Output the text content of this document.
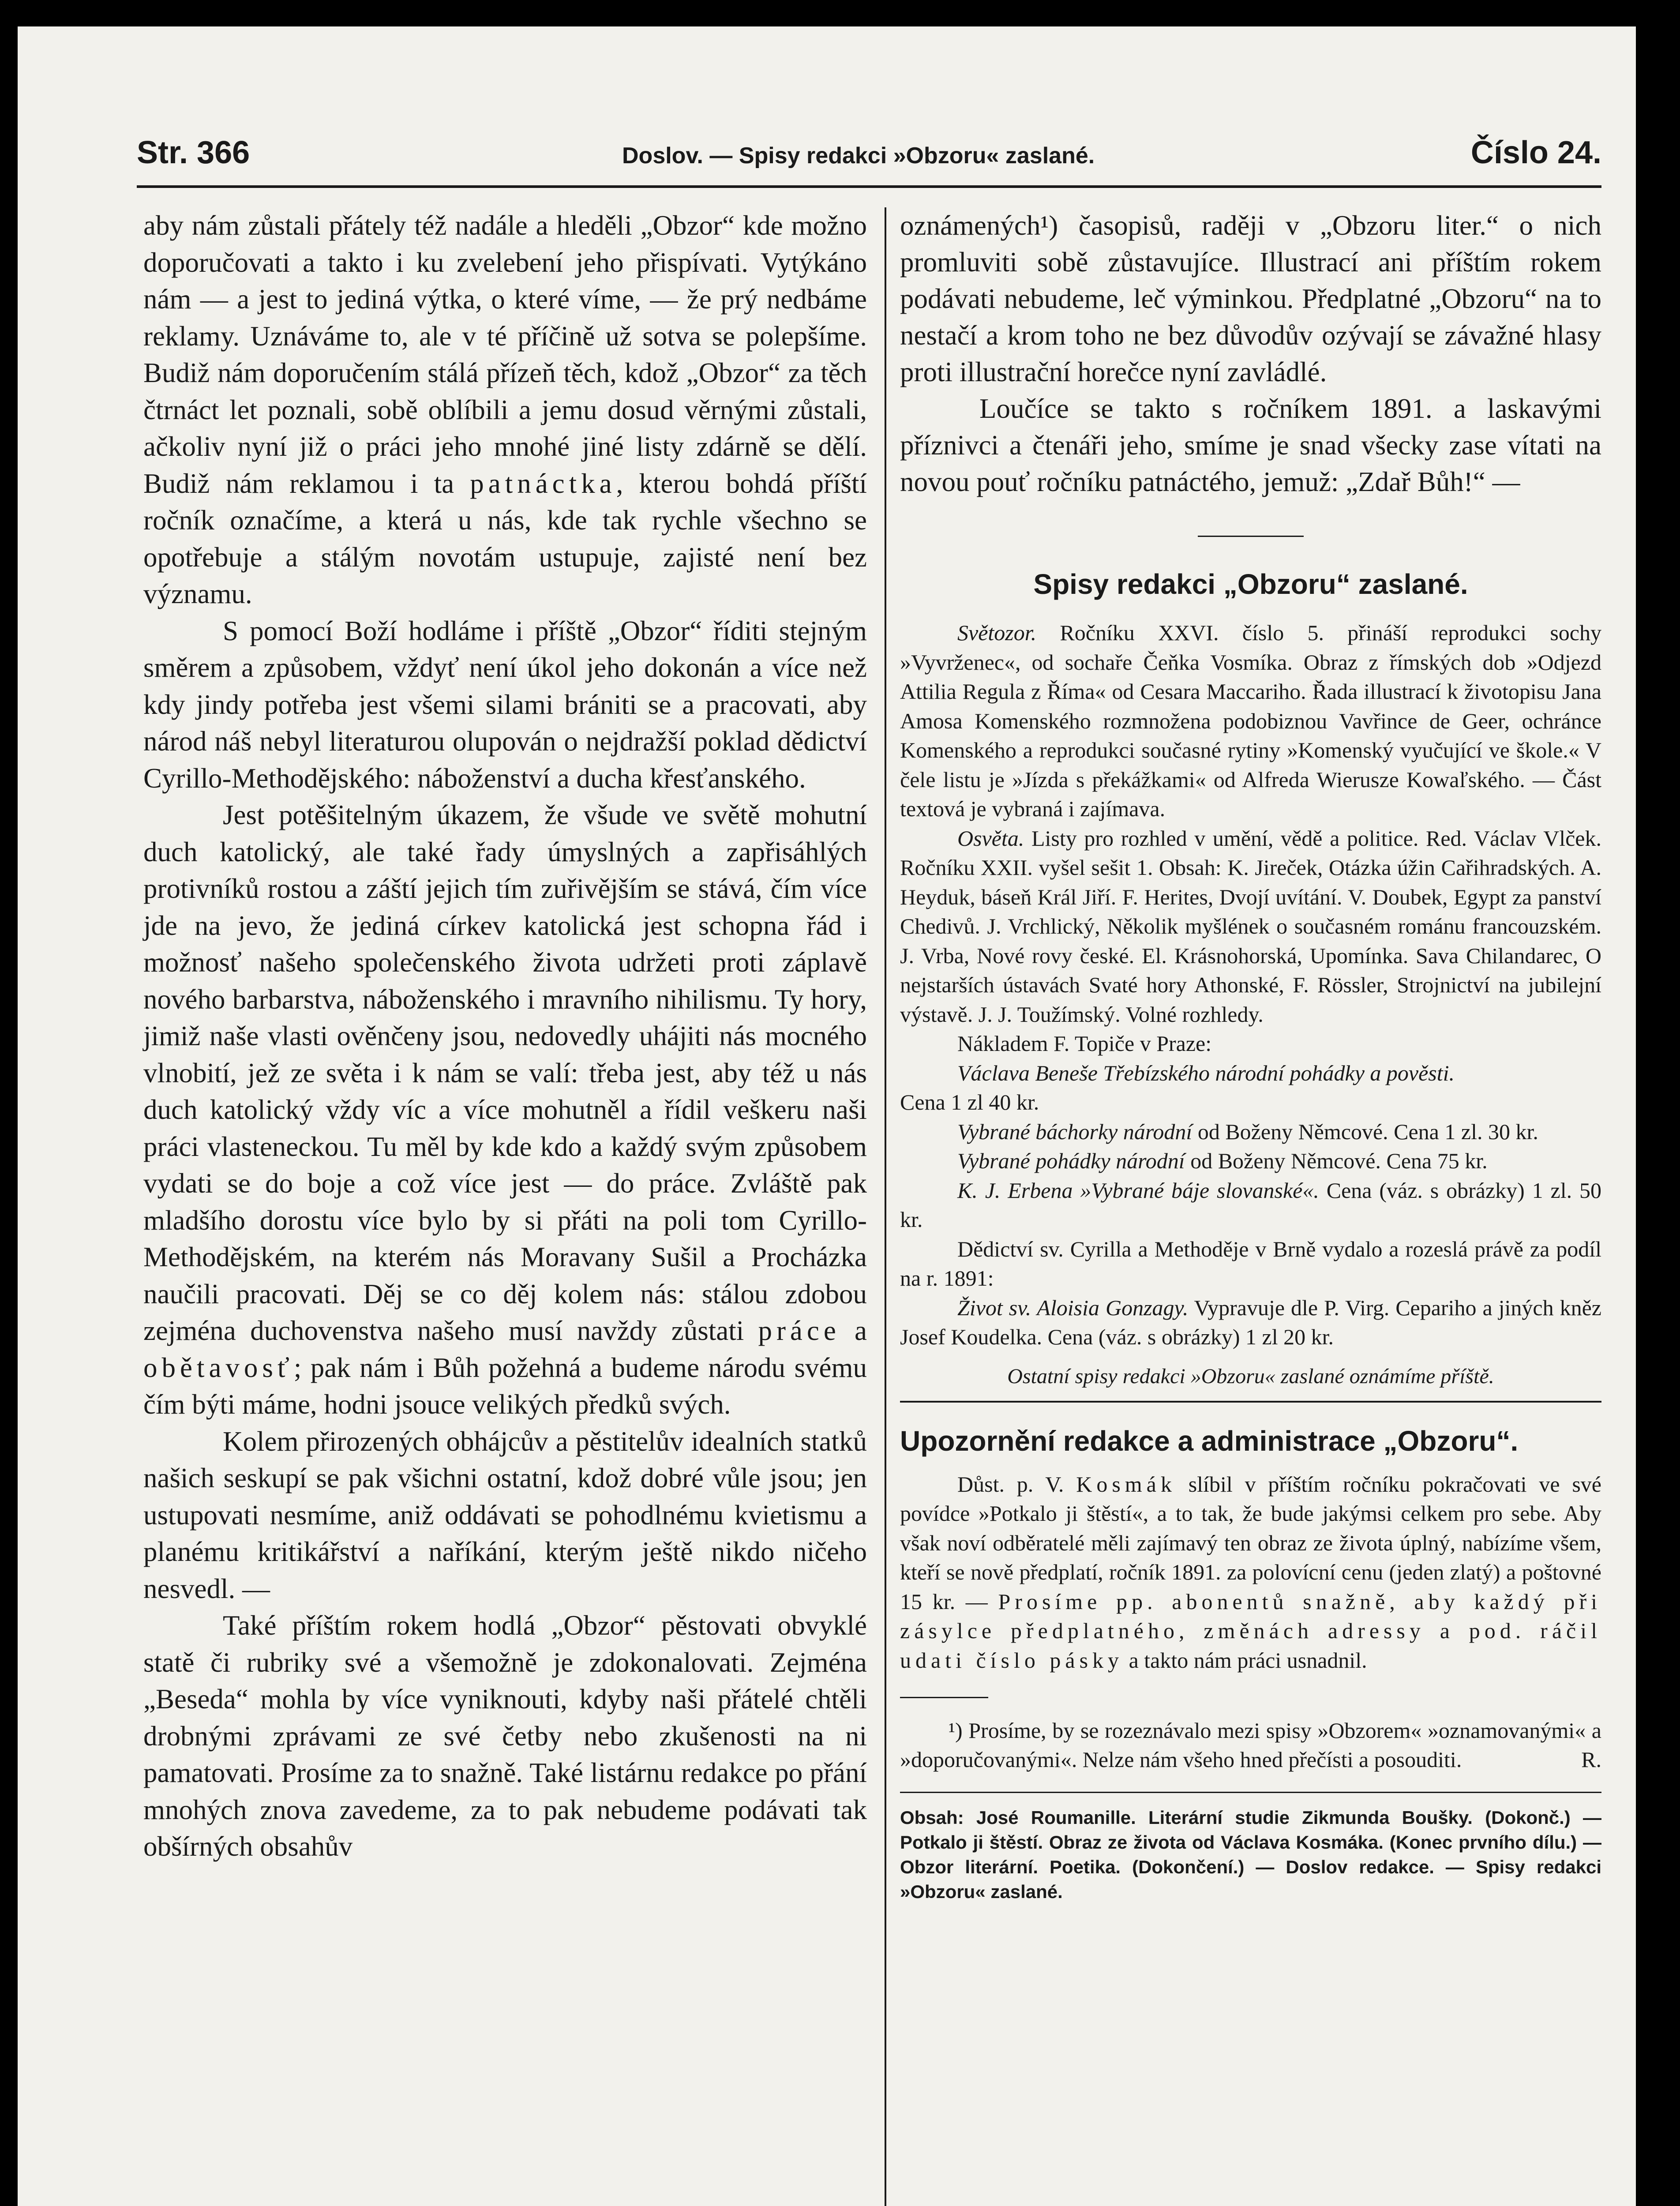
Str. 366	Doslov. — Spisy redakci »Obzoru« zaslané.	Číslo 24.

aby nám zůstali přátely též nadále a hleděli „Obzor“ kde možno doporučovati a takto i ku zvelebení jeho přispívati. Vytýkáno nám — a jest to jediná výtka, o které víme, — že prý nedbáme reklamy. Uznáváme to, ale v té příčině už sotva se polepšíme. Budiž nám doporučením stálá přízeň těch, kdož „Obzor“ za těch čtrnáct let poznali, sobě oblíbili a jemu dosud věrnými zůstali, ačkoliv nyní již o práci jeho mnohé jiné listy zdárně se dělí. Budiž nám reklamou i ta patnáctka, kterou bohdá příští ročník označíme, a která u nás, kde tak rychle všechno se opotřebuje a stálým novotám ustupuje, zajisté není bez významu.

S pomocí Boží hodláme i příště „Obzor“ říditi stejným směrem a způsobem, vždyť není úkol jeho dokonán a více než kdy jindy potřeba jest všemi silami brániti se a pracovati, aby národ náš nebyl literaturou olupován o nejdražší poklad dědictví Cyrillo-Methodějského: náboženství a ducha křesťanského.

Jest potěšitelným úkazem, že všude ve světě mohutní duch katolický, ale také řady úmyslných a zapřisáhlých protivníků rostou a záští jejich tím zuřivějším se stává, čím více jde na jevo, že jediná církev katolická jest schopna řád i možnosť našeho společenského života udržeti proti záplavě nového barbarstva, náboženského i mravního nihilismu. Ty hory, jimiž naše vlasti ověnčeny jsou, nedovedly uhájiti nás mocného vlnobití, jež ze světa i k nám se valí: třeba jest, aby též u nás duch katolický vždy víc a více mohutněl a řídil veškeru naši práci vlasteneckou. Tu měl by kde kdo a každý svým způsobem vydati se do boje a což více jest — do práce. Zvláště pak mladšího dorostu více bylo by si přáti na poli tom Cyrillo-Methodějském, na kterém nás Moravany Sušil a Procházka naučili pracovati. Děj se co děj kolem nás: stálou zdobou zejména duchovenstva našeho musí navždy zůstati práce a obětavosť; pak nám i Bůh požehná a budeme národu svému čím býti máme, hodni jsouce velikých předků svých.

Kolem přirozených obhájcův a pěstitelův idealních statků našich seskupí se pak všichni ostatní, kdož dobré vůle jsou; jen ustupovati nesmíme, aniž oddávati se pohodlnému kvietismu a planému kritikářství a naříkání, kterým ještě nikdo ničeho nesvedl. —

Také příštím rokem hodlá „Obzor“ pěstovati obvyklé statě či rubriky své a všemožně je zdokonalovati. Zejména „Beseda“ mohla by více vyniknouti, kdyby naši přátelé chtěli drobnými zprávami ze své četby nebo zkušenosti na ni pamatovati. Prosíme za to snažně. Také listárnu redakce po přání mnohých znova zavedeme, za to pak nebudeme podávati tak obšírných obsahův

oznámených¹) časopisů, raději v „Obzoru liter.“ o nich promluviti sobě zůstavujíce. Illustrací ani příštím rokem podávati nebudeme, leč výminkou. Předplatné „Obzoru“ na to nestačí a krom toho ne bez důvodův ozývají se závažné hlasy proti illustrační horečce nyní zavládlé.

Loučíce se takto s ročníkem 1891. a laskavými příznivci a čtenáři jeho, smíme je snad všecky zase vítati na novou pouť ročníku patnáctého, jemuž: „Zdař Bůh!“ —

Spisy redakci „Obzoru“ zaslané.

Světozor. Ročníku XXVI. číslo 5. přináší reprodukci sochy »Vyvrženec«, od sochaře Čeňka Vosmíka. Obraz z římských dob »Odjezd Attilia Regula z Říma« od Cesara Maccariho. Řada illustrací k životopisu Jana Amosa Komenského rozmnožena podobiznou Vavřince de Geer, ochránce Komenského a reprodukci současné rytiny »Komenský vyučující ve škole.« V čele listu je »Jízda s překážkami« od Alfreda Wierusze Kowaľského. — Část textová je vybraná i zajímava.

Osvěta. Listy pro rozhled v umění, vědě a politice. Red. Václav Vlček. Ročníku XXII. vyšel sešit 1. Obsah: K. Jireček, Otázka úžin Cařihradských. A. Heyduk, báseň Král Jiří. F. Herites, Dvojí uvítání. V. Doubek, Egypt za panství Chedivů. J. Vrchlický, Několik myšlének o současném románu francouzském. J. Vrba, Nové rovy české. El. Krásnohorská, Upomínka. Sava Chilandarec, O nejstarších ústavách Svaté hory Athonské, F. Rössler, Strojnictví na jubilejní výstavě. J. J. Toužímský. Volné rozhledy.

Nákladem F. Topiče v Praze:

Václava Beneše Třebízského národní pohádky a pověsti.
Cena 1 zl 40 kr.

Vybrané báchorky národní od Boženy Němcové. Cena 1 zl. 30 kr.

Vybrané pohádky národní od Boženy Němcové. Cena 75 kr.

K. J. Erbena »Vybrané báje slovanské«. Cena (váz. s obrázky) 1 zl. 50 kr.

Dědictví sv. Cyrilla a Methoděje v Brně vydalo a rozeslá právě za podíl na r. 1891:

Život sv. Aloisia Gonzagy. Vypravuje dle P. Virg. Cepariho a jiných kněz Josef Koudelka. Cena (váz. s obrázky) 1 zl 20 kr.

Ostatní spisy redakci »Obzoru« zaslané oznámíme příště.
Upozornění redakce a administrace „Obzoru“.

Důst. p. V. Kosmák slíbil v příštím ročníku pokračovati ve své povídce »Potkalo ji štěstí«, a to tak, že bude jakýmsi celkem pro sebe. Aby však noví odběratelé měli zajímavý ten obraz ze života úplný, nabízíme všem, kteří se nově předplatí, ročník 1891. za polovícní cenu (jeden zlatý) a poštovné 15 kr. — Prosíme pp. abonentů snažně, aby každý při zásylce předplatného, změnách adressy a pod. ráčil udati číslo pásky a takto nám práci usnadnil.

¹) Prosíme, by se rozeznávalo mezi spisy »Obzorem« »oznamovanými« a »doporučovanými«. Nelze nám všeho hned přečísti a posouditi.	R.

Obsah: José Roumanille. Literární studie Zikmunda Boušky. (Dokonč.) — Potkalo ji štěstí. Obraz ze života od Václava Kosmáka. (Konec prvního dílu.) — Obzor literární. Poetika. (Dokončení.) — Doslov redakce. — Spisy redakci »Obzoru« zaslané.
